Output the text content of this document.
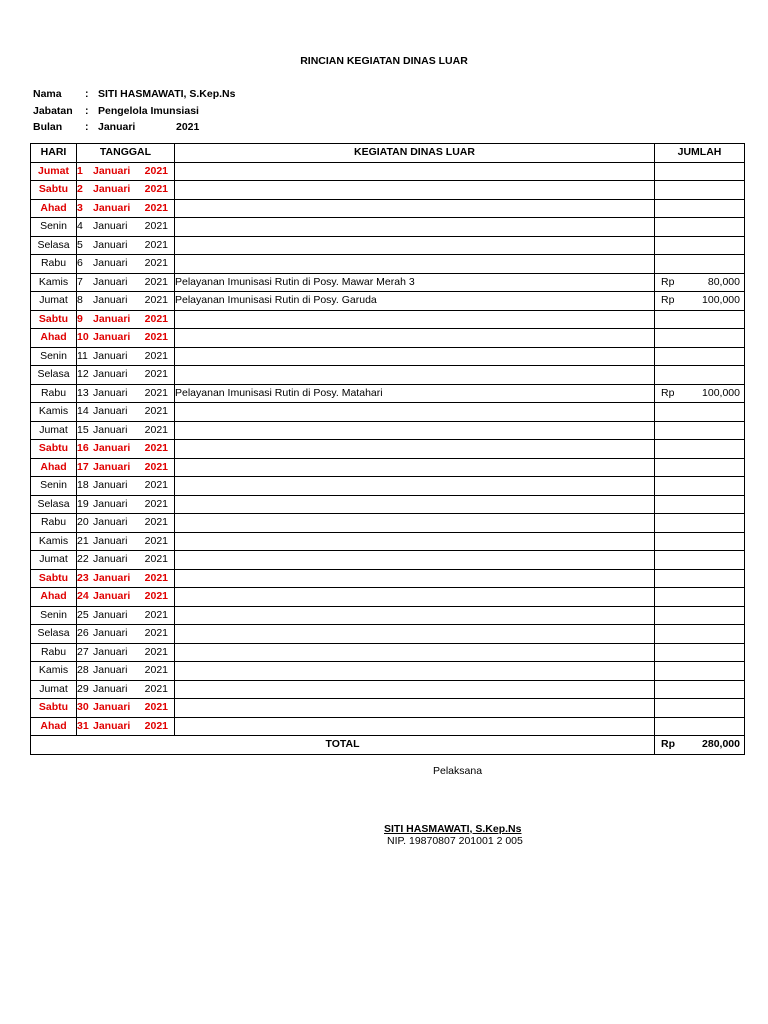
RINCIAN KEGIATAN DINAS LUAR
Nama : SITI HASMAWATI, S.Kep.Ns
Jabatan : Pengelola Imunsiasi
Bulan : Januari	2021
HARI	TANGGAL	KEGIATAN DINAS LUAR	JUMLAH
Jumat	1 Januari 2021		

Sabtu	2 Januari 2021		

Ahad	3 Januari 2021		

Senin	4 Januari 2021		

Selasa	5 Januari 2021		

Rabu	6 Januari 2021		

Kamis	7 Januari 2021	Pelayanan Imunisasi Rutin di Posy. Mawar Merah 3	Rp 80,000

Jumat	8 Januari 2021	Pelayanan Imunisasi Rutin di Posy. Garuda	Rp 100,000

Sabtu	9 Januari 2021		

Ahad	10 Januari 2021		

Senin	11 Januari 2021		

Selasa	12 Januari 2021		

Rabu	13 Januari 2021	Pelayanan Imunisasi Rutin di Posy. Matahari	Rp 100,000

Kamis	14 Januari 2021		

Jumat	15 Januari 2021		

Sabtu	16 Januari 2021		

Ahad	17 Januari 2021		

Senin	18 Januari 2021		

Selasa	19 Januari 2021		

Rabu	20 Januari 2021		

Kamis	21 Januari 2021		

Jumat	22 Januari 2021		

Sabtu	23 Januari 2021		

Ahad	24 Januari 2021		

Senin	25 Januari 2021		

Selasa	26 Januari 2021		

Rabu	27 Januari 2021		

Kamis	28 Januari 2021		

Jumat	29 Januari 2021		

Sabtu	30 Januari 2021		

Ahad	31 Januari 2021		

TOTAL			Rp 280,000
Pelaksana
SITI HASMAWATI, S.Kep.Ns
NIP. 19870807 201001 2 005
